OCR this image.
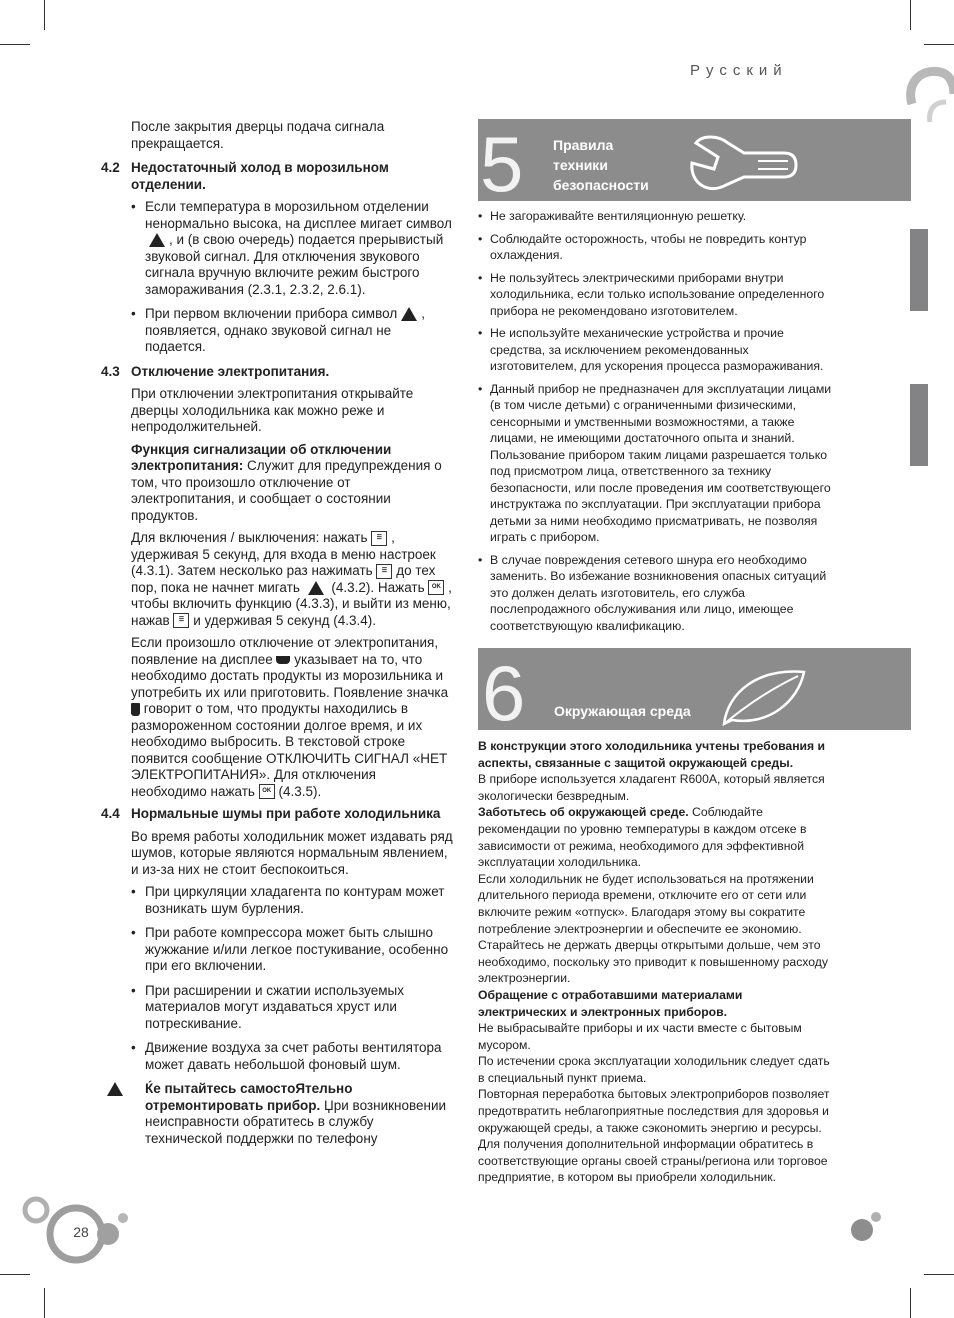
Русский

После закрытия дверцы подача сигнала прекращается.

4.2 Недостаточный холод в морозильном отделении.

• Если температура в морозильном отделении ненормально высока, на дисплее мигает символ, и (в свою очередь) подается прерывистый звуковой сигнал. Для отключения звукового сигнала вручную включите режим быстрого замораживания (2.3.1, 2.3.2, 2.6.1).
• При первом включении прибора символ , появляется, однако звуковой сигнал не подается.
4.3 Отключение электропитания.

При отключении электропитания открывайте дверцы холодильника как можно реже и непродолжительней.

Функция сигнализации об отключении электропитания: Служит для предупреждения о том, что произошло отключение от электропитания, и сообщает о состоянии продуктов.

Для включения / выключения: нажать ☰ , удерживая 5 секунд, для входа в меню настроек (4.3.1). Затем несколько раз нажимать ☰ до тех пор, пока не начнет мигать (4.3.2). Нажать OK , чтобы включить функцию (4.3.3), и выйти из меню, нажав ☰ и удерживая 5 секунд (4.3.4).

Если произошло отключение от электропитания, появление на дисплее указывает на то, что необходимо достать продукты из морозильника и употребить их или приготовить. Появление значка  говорит о том, что продукты находились в размороженном состоянии долгое время, и их необходимо выбросить. В текстовой строке появится сообщение ОТКЛЮЧИТЬ СИГНАЛ «НЕТ ЭЛЕКТРОПИТАНИЯ». Для отключения необходимо нажать OK (4.3.5).

4.4 Нормальные шумы при работе холодильника

Во время работы холодильник может издавать ряд шумов, которые являются нормальным явлением, и из-за них не стоит беспокоиться.

• При циркуляции хладагента по контурам может возникать шум бурления.
• При работе компрессора может быть слышно жужжание и/или легкое постукивание, особенно при его включении.
• При расширении и сжатии используемых материалов могут издаваться хруст или потрескивание.
• Движение воздуха за счет работы вентилятора может давать небольшой фоновый шум.
Ќе пытайтесь самостоЯтельно отремонтировать прибор. Џри возникновении неисправности обратитесь в службу технической поддержки по телефону
5 Правила
техники
безопасности
• Не загораживайте вентиляционную решетку.
• Соблюдайте осторожность, чтобы не повредить контур охлаждения.
• Не пользуйтесь электрическими приборами внутри холодильника, если только использование определенного прибора не рекомендовано изготовителем.
• Не используйте механические устройства и прочие средства, за исключением рекомендованных изготовителем, для ускорения процесса размораживания.
• Данный прибор не предназначен для эксплуатации лицами (в том числе детьми) с ограниченными физическими, сенсорными и умственными возможностями, а также лицами, не имеющими достаточного опыта и знаний. Пользование прибором таким лицами разрешается только под присмотром лица, ответственного за технику безопасности, или после проведения им соответствующего инструктажа по эксплуатации. При эксплуатации прибора детьми за ними необходимо присматривать, не позволяя играть с прибором.
• В случае повреждения сетевого шнура его необходимо заменить. Во избежание возникновения опасных ситуаций это должен делать изготовитель, его служба послепродажного обслуживания или лицо, имеющее соответствующую квалификацию.
6 Окружающая среда
В конструкции этого холодильника учтены требования и аспекты, связанные с защитой окружающей среды.
В приборе используется хладагент R600A, который является экологически безвредным.
Заботьтесь об окружающей среде. Соблюдайте рекомендации по уровню температуры в каждом отсеке в зависимости от режима, необходимого для эффективной эксплуатации холодильника.
Если холодильник не будет использоваться на протяжении длительного периода времени, отключите его от сети или включите режим «отпуск». Благодаря этому вы сократите потребление электроэнергии и обеспечите ее экономию.
Старайтесь не держать дверцы открытыми дольше, чем это необходимо, поскольку это приводит к повышенному расходу электроэнергии.
Обращение с отработавшими материалами электрических и электронных приборов.
Не выбрасывайте приборы и их части вместе с бытовым мусором.
По истечении срока эксплуатации холодильник следует сдать в специальный пункт приема.
Повторная переработка бытовых электроприборов позволяет предотвратить неблагоприятные последствия для здоровья и окружающей среды, а также сэкономить энергию и ресурсы.
Для получения дополнительной информации обратитесь в соответствующие органы своей страны/региона или торговое предприятие, в котором вы приобрели холодильник.
28
